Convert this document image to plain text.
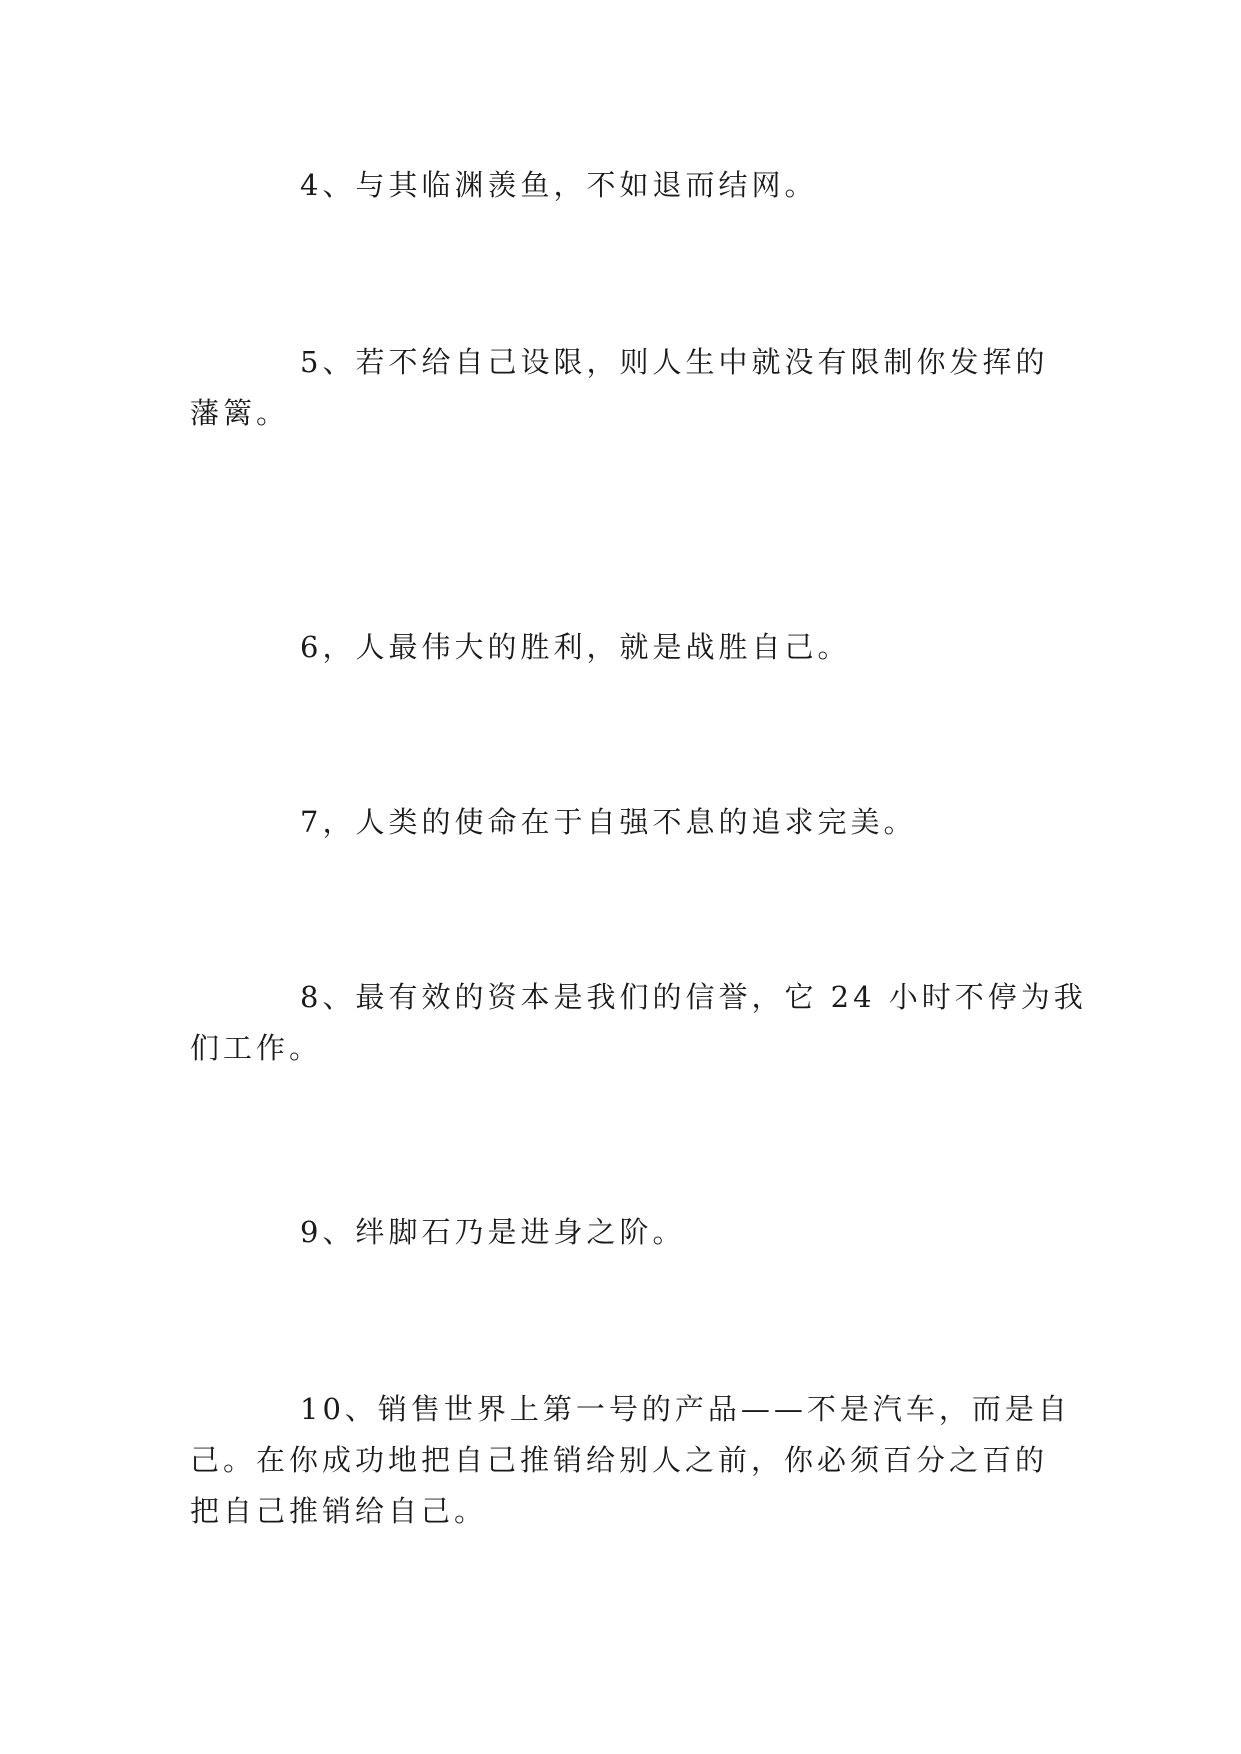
4、与其临渊羡鱼，不如退而结网。
5、若不给自己设限，则人生中就没有限制你发挥的
藩篱。
6，人最伟大的胜利，就是战胜自己。
7，人类的使命在于自强不息的追求完美。
8、最有效的资本是我们的信誉，它 24 小时不停为我
们工作。
9、绊脚石乃是进身之阶。
10、销售世界上第一号的产品——不是汽车，而是自
己。在你成功地把自己推销给别人之前，你必须百分之百的
把自己推销给自己。
